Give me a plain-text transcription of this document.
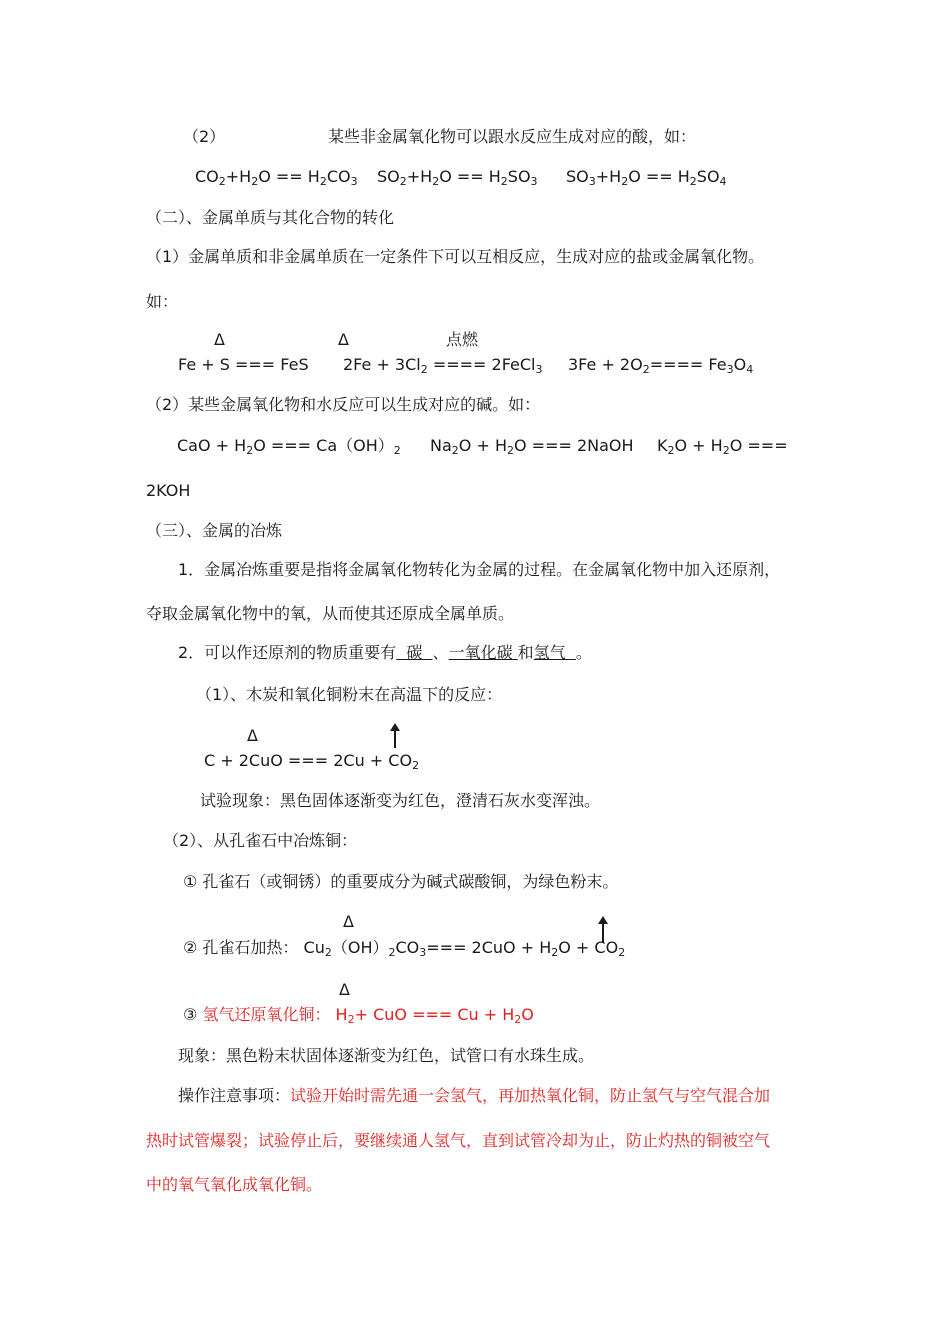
（2）	某些非金属氧化物可以跟水反应生成对应的酸，如：
$CO_2+H_2O == H_2CO_3$ $SO_2+H_2O == H_2SO_3$ $SO_3+H_2O == H_2SO_4$
（二）、金属单质与其化合物的转化
（1）金属单质和非金属单质在一定条件下可以互相反应，生成对应的盐或金属氧化物。
如：
Δ	Δ	点燃
Fe + S === FeS $2Fe + 3Cl_2$ ==== 2FeCl$_3$ $3Fe + 2O_2==== Fe_3O_4$
（2）某些金属氧化物和水反应可以生成对应的碱。如：
CaO + $H_2O$ === $Ca(OH)_2$ $Na_2O + H_2O$ === 2NaOH $K_2O + H_2O$ ===
2KOH
（三）、金属的冶炼
1．金属冶炼重要是指将金属氧化物转化为金属的过程。在金属氧化物中加入还原剂，
夺取金属氧化物中的氧，从而使其还原成全属单质。
2．可以作还原剂的物质重要有 碳 、一氧化碳 和氢气 。
（1）、木炭和氧化铜粉末在高温下的反应：
Δ
C + 2CuO === $2Cu + CO_2$
试验现象：黑色固体逐渐变为红色，澄清石灰水变浑浊。
（2）、从孔雀石中冶炼铜：
① 孔雀石（或铜锈）的重要成分为碱式碳酸铜，为绿色粉末。
Δ
② 孔雀石加热： $Cu_2(OH)_2CO_3=== 2CuO + H_2O + CO_2$
Δ
③ 氢气还原氧化铜： $H_2+$ CuO === $Cu + H_2O$
现象：黑色粉末状固体逐渐变为红色，试管口有水珠生成。
操作注意事项：试验开始时需先通一会氢气，再加热氧化铜，防止氢气与空气混合加
热时试管爆裂；试验停止后，要继续通人氢气，直到试管冷却为止，防止灼热的铜被空气
中的氧气氧化成氧化铜。
